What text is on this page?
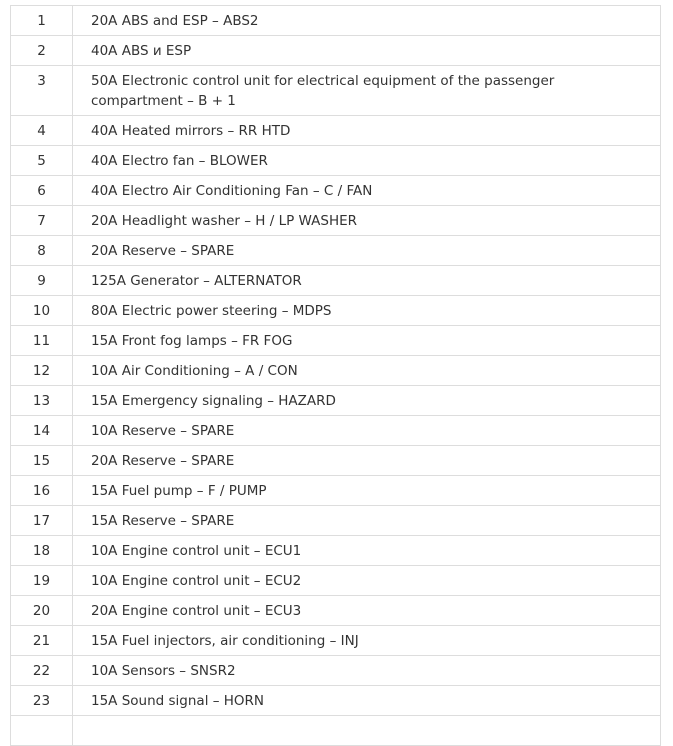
1	20A ABS and ESP – ABS2
2	40A ABS и ESP
3	50A Electronic control unit for electrical equipment of the passenger compartment – B + 1
4	40A Heated mirrors – RR HTD
5	40A Electro fan – BLOWER
6	40A Electro Air Conditioning Fan – C / FAN
7	20A Headlight washer – H / LP WASHER
8	20A Reserve – SPARE
9	125A Generator – ALTERNATOR
10	80A Electric power steering – MDPS
11	15A Front fog lamps – FR FOG
12	10A Air Conditioning – A / CON
13	15A Emergency signaling – HAZARD
14	10A Reserve – SPARE
15	20A Reserve – SPARE
16	15A Fuel pump – F / PUMP
17	15A Reserve – SPARE
18	10A Engine control unit – ECU1
19	10A Engine control unit – ECU2
20	20A Engine control unit – ECU3
21	15A Fuel injectors, air conditioning – INJ
22	10A Sensors – SNSR2
23	15A Sound signal – HORN
